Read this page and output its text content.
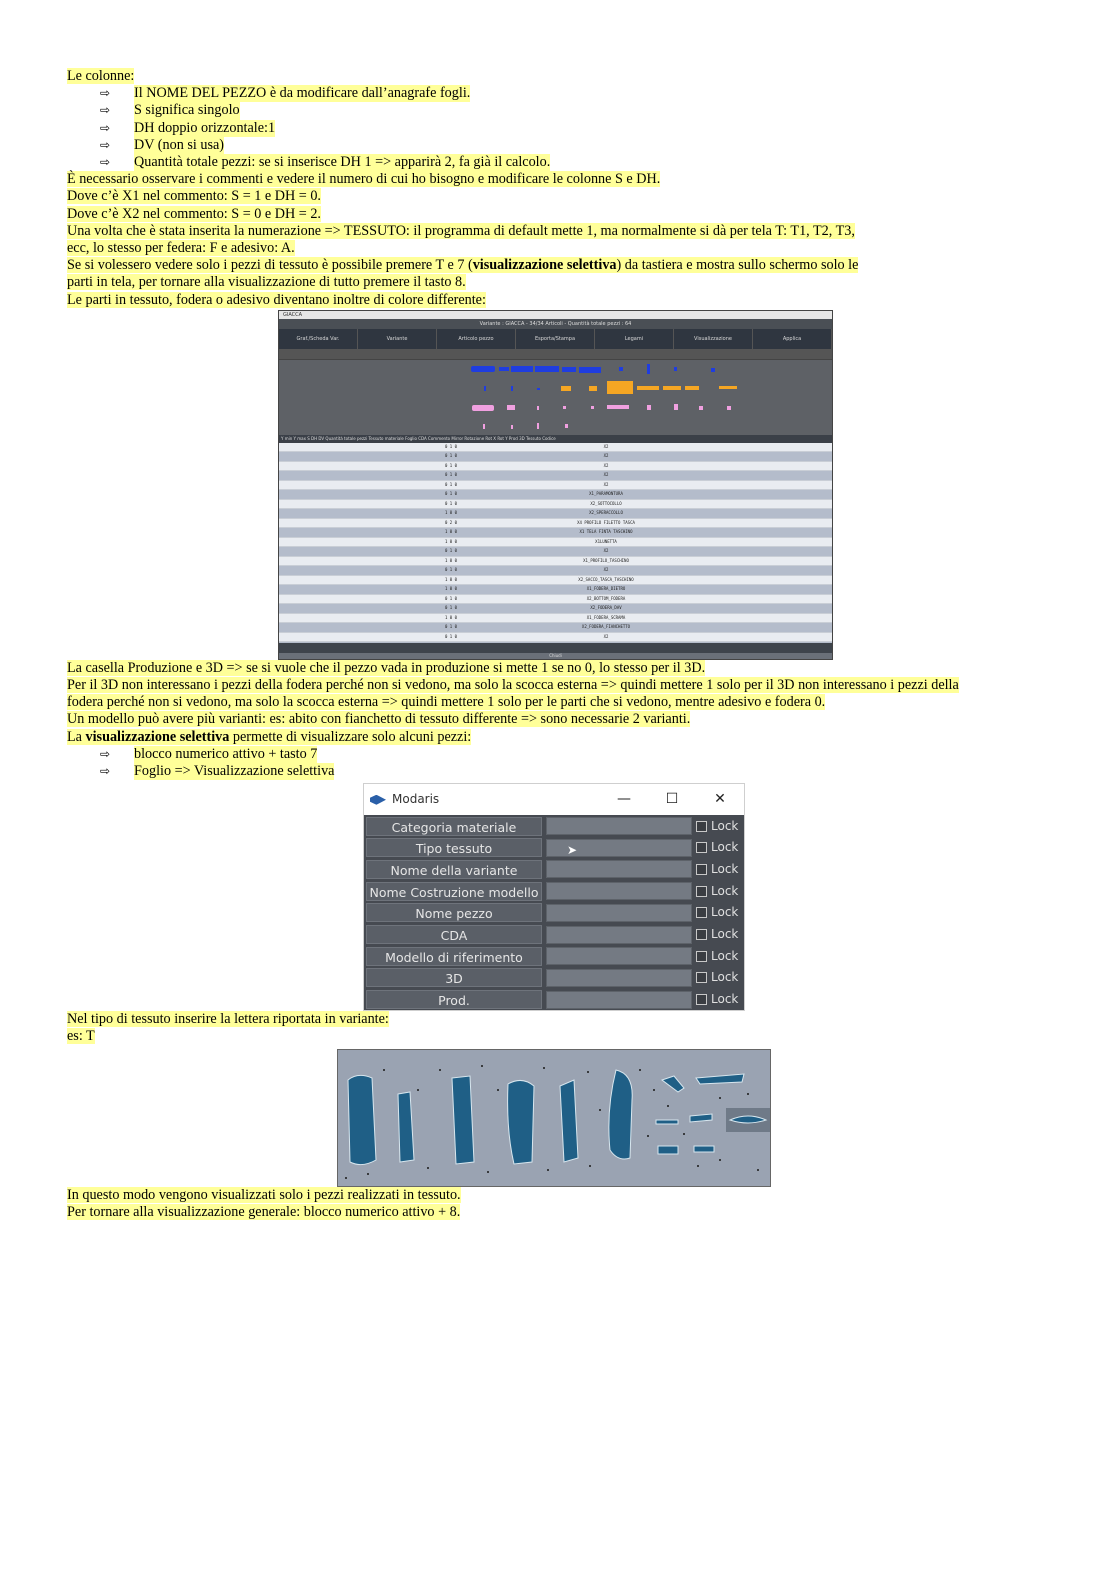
Le colonne:
⇨	Il NOME DEL PEZZO è da modificare dall’anagrafe fogli.
⇨	S significa singolo
⇨	DH doppio orizzontale:1
⇨	DV (non si usa)
⇨	Quantità totale pezzi: se si inserisce DH 1 => apparirà 2, fa già il calcolo.
È necessario osservare i commenti e vedere il numero di cui ho bisogno e modificare le colonne S e DH.
Dove c’è X1 nel commento: S = 1 e DH = 0.
Dove c’è X2 nel commento: S = 0 e DH = 2.
Una volta che è stata inserita la numerazione => TESSUTO: il programma di default mette 1, ma normalmente si dà per tela T: T1, T2, T3,
ecc, lo stesso per federa: F e adesivo: A.
Se si volessero vedere solo i pezzi di tessuto è possibile premere T e 7 (visualizzazione selettiva) da tastiera e mostra sullo schermo solo le
parti in tela, per tornare alla visualizzazione di tutto premere il tasto 8.
Le parti in tessuto, fodera o adesivo diventano inoltre di colore differente:
GIACCA
Variante : GIACCA - 34/34 Articoli - Quantità totale pezzi : 64
Graf./Scheda Var.	Variante	Articolo pezzo	Esporta/Stampa	Legami	Visualizzazione	Applica
Y min Y max S DH DV Quantità totale pezzi Tessuto materiale Foglio CDA Commento Mirror Rotazione Rot X Rot Y Prod 3D Tessuto Codice
0 1 0	X2
0 1 0	X2
0 1 0	X2
0 1 0	X2
0 1 0	X2
0 1 0	X1_PARAMONTURA
0 1 0	X2_SOTTOCOLLO
1 0 0	X2_SPERACCOLLO
0 2 0	X4 PROFILO FILETTO TASCA
1 0 0	X1 TELA FINTA TASCHINO
1 0 0	X1LUNETTA
0 1 0	X2
1 0 0	X1_PROFILO_TASCHINO
0 1 0	X2
1 0 0	X2_SACCO_TASCA_TASCHINO
1 0 0	X1_FODERA_DIETRO
0 1 0	X2_BOTTOM_FODERA
0 1 0	X2_FODERA_DAV
1 0 0	X1_FODERA_SCRAMA
0 1 0	X2_FODERA_FIANCHETTO
0 1 0	X2
Chiudi
La casella Produzione e 3D => se si vuole che il pezzo vada in produzione si mette 1 se no 0, lo stesso per il 3D.
Per il 3D non interessano i pezzi della fodera perché non si vedono, ma solo la scocca esterna => quindi mettere 1 solo per il 3D non interessano i pezzi della
fodera perché non si vedono, ma solo la scocca esterna => quindi mettere 1 solo per le parti che si vedono, mentre adesivo e fodera 0.
Un modello può avere più varianti: es: abito con fianchetto di tessuto differente => sono necessarie 2 varianti.
La visualizzazione selettiva permette di visualizzare solo alcuni pezzi:
⇨	blocco numerico attivo + tasto 7
⇨	Foglio => Visualizzazione selettiva
Modaris	—	☐	✕
Categoria materiale	Lock
Tipo tessuto	➤	Lock
Nome della variante	Lock
Nome Costruzione modello	Lock
Nome pezzo	Lock
CDA	Lock
Modello di riferimento	Lock
3D	Lock
Prod.	Lock
Nel tipo di tessuto inserire la lettera riportata in variante:
es: T
In questo modo vengono visualizzati solo i pezzi realizzati in tessuto.
Per tornare alla visualizzazione generale: blocco numerico attivo + 8.
